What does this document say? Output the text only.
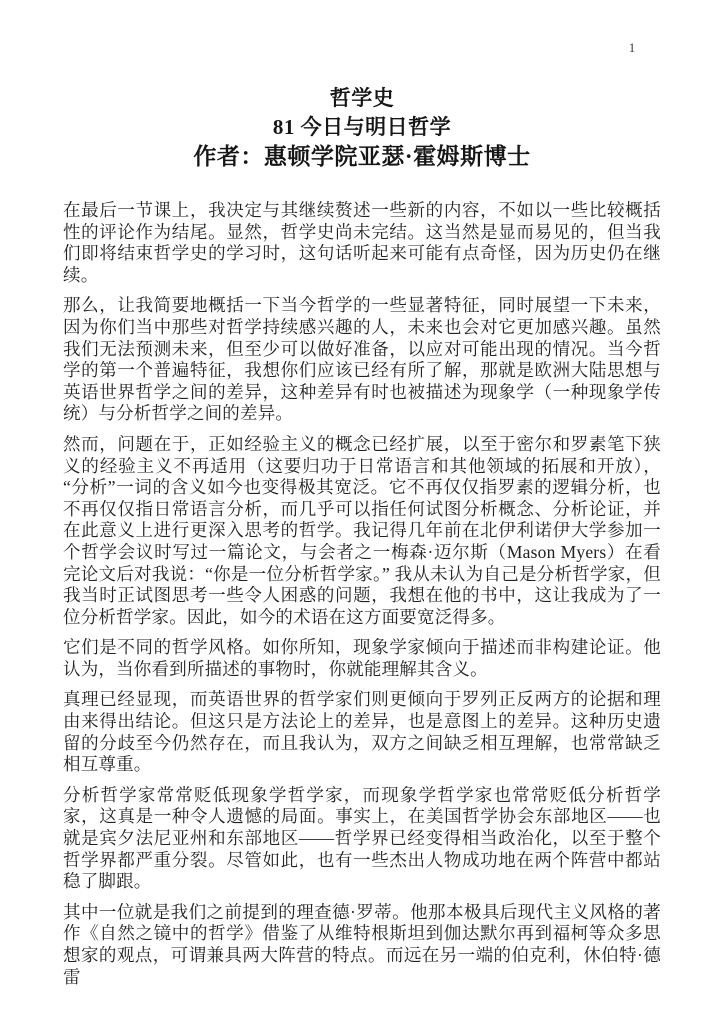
1
哲学史
81 今日与明日哲学
作者：惠顿学院亚瑟·霍姆斯博士

在最后一节课上，我决定与其继续赘述一些新的内容，不如以一些比较概括性的评论作为结尾。显然，哲学史尚未完结。这当然是显而易见的，但当我们即将结束哲学史的学习时，这句话听起来可能有点奇怪，因为历史仍在继续。

那么，让我简要地概括一下当今哲学的一些显著特征，同时展望一下未来，因为你们当中那些对哲学持续感兴趣的人，未来也会对它更加感兴趣。虽然我们无法预测未来，但至少可以做好准备，以应对可能出现的情况。当今哲学的第一个普遍特征，我想你们应该已经有所了解，那就是欧洲大陆思想与英语世界哲学之间的差异，这种差异有时也被描述为现象学（一种现象学传统）与分析哲学之间的差异。

然而，问题在于，正如经验主义的概念已经扩展，以至于密尔和罗素笔下狭义的经验主义不再适用（这要归功于日常语言和其他领域的拓展和开放），“分析”一词的含义如今也变得极其宽泛。它不再仅仅指罗素的逻辑分析，也不再仅仅指日常语言分析，而几乎可以指任何试图分析概念、分析论证，并在此意义上进行更深入思考的哲学。我记得几年前在北伊利诺伊大学参加一个哲学会议时写过一篇论文，与会者之一梅森·迈尔斯（Mason Myers）在看完论文后对我说：“你是一位分析哲学家。” 我从未认为自己是分析哲学家，但我当时正试图思考一些令人困惑的问题，我想在他的书中，这让我成为了一位分析哲学家。因此，如今的术语在这方面要宽泛得多。

它们是不同的哲学风格。如你所知，现象学家倾向于描述而非构建论证。他认为，当你看到所描述的事物时，你就能理解其含义。

真理已经显现，而英语世界的哲学家们则更倾向于罗列正反两方的论据和理由来得出结论。但这只是方法论上的差异，也是意图上的差异。这种历史遗留的分歧至今仍然存在，而且我认为，双方之间缺乏相互理解，也常常缺乏相互尊重。

分析哲学家常常贬低现象学哲学家，而现象学哲学家也常常贬低分析哲学家，这真是一种令人遗憾的局面。事实上，在美国哲学协会东部地区——也就是宾夕法尼亚州和东部地区——哲学界已经变得相当政治化，以至于整个哲学界都严重分裂。尽管如此，也有一些杰出人物成功地在两个阵营中都站稳了脚跟。

其中一位就是我们之前提到的理查德·罗蒂。他那本极具后现代主义风格的著作《自然之镜中的哲学》借鉴了从维特根斯坦到伽达默尔再到福柯等众多思想家的观点，可谓兼具两大阵营的特点。而远在另一端的伯克利，休伯特·德雷
